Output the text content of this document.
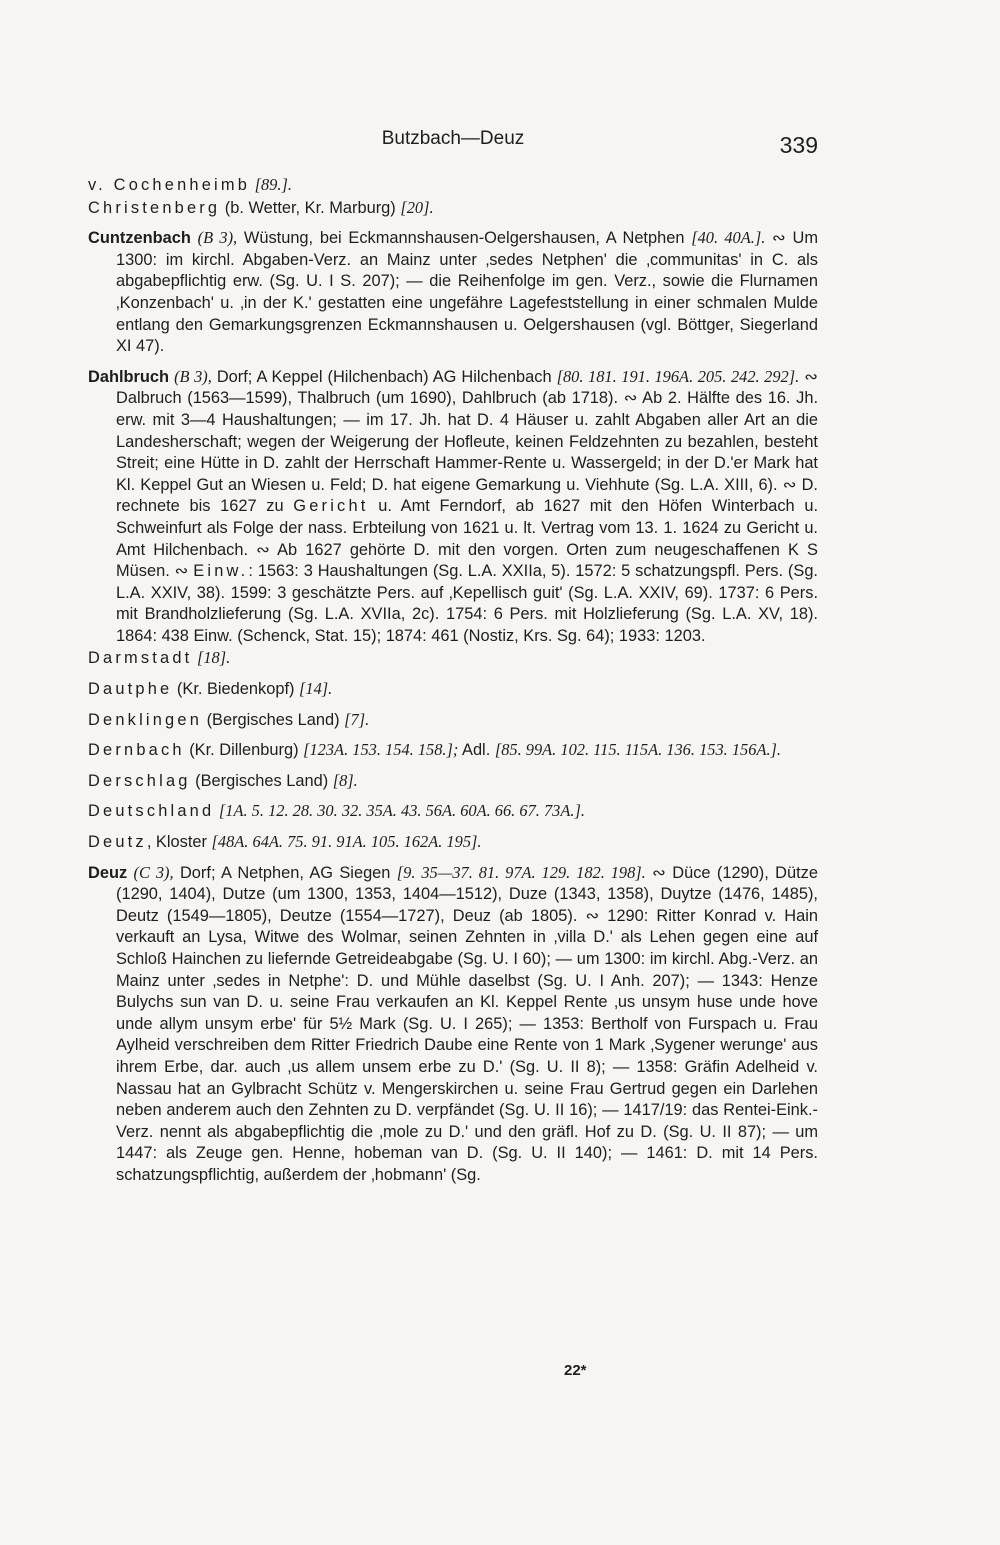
Butzbach—Deuz	339
v. Cochenheimb [89.].
Christenberg (b. Wetter, Kr. Marburg) [20].
Cuntzenbach (B 3), Wüstung, bei Eckmannshausen-Oelgershausen, A Netphen [40. 40A.]. ∾ Um 1300: im kirchl. Abgaben-Verz. an Mainz unter ‚sedes Netphen' die ‚communitas' in C. als abgabepflichtig erw. (Sg. U. I S. 207); — die Reihenfolge im gen. Verz., sowie die Flurnamen ‚Konzenbach' u. ‚in der K.' gestatten eine ungefähre Lagefeststellung in einer schmalen Mulde entlang den Gemarkungsgrenzen Eckmannshausen u. Oelgershausen (vgl. Böttger, Siegerland XI 47).
Dahlbruch (B 3), Dorf; A Keppel (Hilchenbach) AG Hilchenbach [80. 181. 191. 196A. 205. 242. 292]. ∾ Dalbruch (1563—1599), Thalbruch (um 1690), Dahlbruch (ab 1718). ∾ Ab 2. Hälfte des 16. Jh. erw. mit 3—4 Haushaltungen; — im 17. Jh. hat D. 4 Häuser u. zahlt Abgaben aller Art an die Landesherschaft; wegen der Weigerung der Hofleute, keinen Feldzehnten zu bezahlen, besteht Streit; eine Hütte in D. zahlt der Herrschaft Hammer-Rente u. Wassergeld; in der D.'er Mark hat Kl. Keppel Gut an Wiesen u. Feld; D. hat eigene Gemarkung u. Viehhute (Sg. L.A. XIII, 6). ∾ D. rechnete bis 1627 zu Gericht u. Amt Ferndorf, ab 1627 mit den Höfen Winterbach u. Schweinfurt als Folge der nass. Erbteilung von 1621 u. lt. Vertrag vom 13. 1. 1624 zu Gericht u. Amt Hilchenbach. ∾ Ab 1627 gehörte D. mit den vorgen. Orten zum neugeschaffenen K S Müsen. ∾ Einw.: 1563: 3 Haushaltungen (Sg. L.A. XXIIa, 5). 1572: 5 schatzungspfl. Pers. (Sg. L.A. XXIV, 38). 1599: 3 geschätzte Pers. auf ‚Kepellisch guit' (Sg. L.A. XXIV, 69). 1737: 6 Pers. mit Brandholzlieferung (Sg. L.A. XVIIa, 2c). 1754: 6 Pers. mit Holzlieferung (Sg. L.A. XV, 18). 1864: 438 Einw. (Schenck, Stat. 15); 1874: 461 (Nostiz, Krs. Sg. 64); 1933: 1203.
Darmstadt [18].
Dautphe (Kr. Biedenkopf) [14].
Denklingen (Bergisches Land) [7].
Dernbach (Kr. Dillenburg) [123A. 153. 154. 158.]; Adl. [85. 99A. 102. 115. 115A. 136. 153. 156A.].
Derschlag (Bergisches Land) [8].
Deutschland [1A. 5. 12. 28. 30. 32. 35A. 43. 56A. 60A. 66. 67. 73A.].
Deutz, Kloster [48A. 64A. 75. 91. 91A. 105. 162A. 195].
Deuz (C 3), Dorf; A Netphen, AG Siegen [9. 35—37. 81. 97A. 129. 182. 198]. ∾ Düce (1290), Dütze (1290, 1404), Dutze (um 1300, 1353, 1404—1512), Duze (1343, 1358), Duytze (1476, 1485), Deutz (1549—1805), Deutze (1554—1727), Deuz (ab 1805). ∾ 1290: Ritter Konrad v. Hain verkauft an Lysa, Witwe des Wolmar, seinen Zehnten in ‚villa D.' als Lehen gegen eine auf Schloß Hainchen zu liefernde Getreideabgabe (Sg. U. I 60); — um 1300: im kirchl. Abg.-Verz. an Mainz unter ‚sedes in Netphe': D. und Mühle daselbst (Sg. U. I Anh. 207); — 1343: Henze Bulychs sun van D. u. seine Frau verkaufen an Kl. Keppel Rente ‚us unsym huse unde hove unde allym unsym erbe' für 5½ Mark (Sg. U. I 265); — 1353: Bertholf von Furspach u. Frau Aylheid verschreiben dem Ritter Friedrich Daube eine Rente von 1 Mark ‚Sygener werunge' aus ihrem Erbe, dar. auch ‚us allem unsem erbe zu D.' (Sg. U. II 8); — 1358: Gräfin Adelheid v. Nassau hat an Gylbracht Schütz v. Mengerskirchen u. seine Frau Gertrud gegen ein Darlehen neben anderem auch den Zehnten zu D. verpfändet (Sg. U. II 16); — 1417/19: das Rentei-Eink.-Verz. nennt als abgabepflichtig die ‚mole zu D.' und den gräfl. Hof zu D. (Sg. U. II 87); — um 1447: als Zeuge gen. Henne, hobeman van D. (Sg. U. II 140); — 1461: D. mit 14 Pers. schatzungspflichtig, außerdem der ‚hobmann' (Sg.
22*
